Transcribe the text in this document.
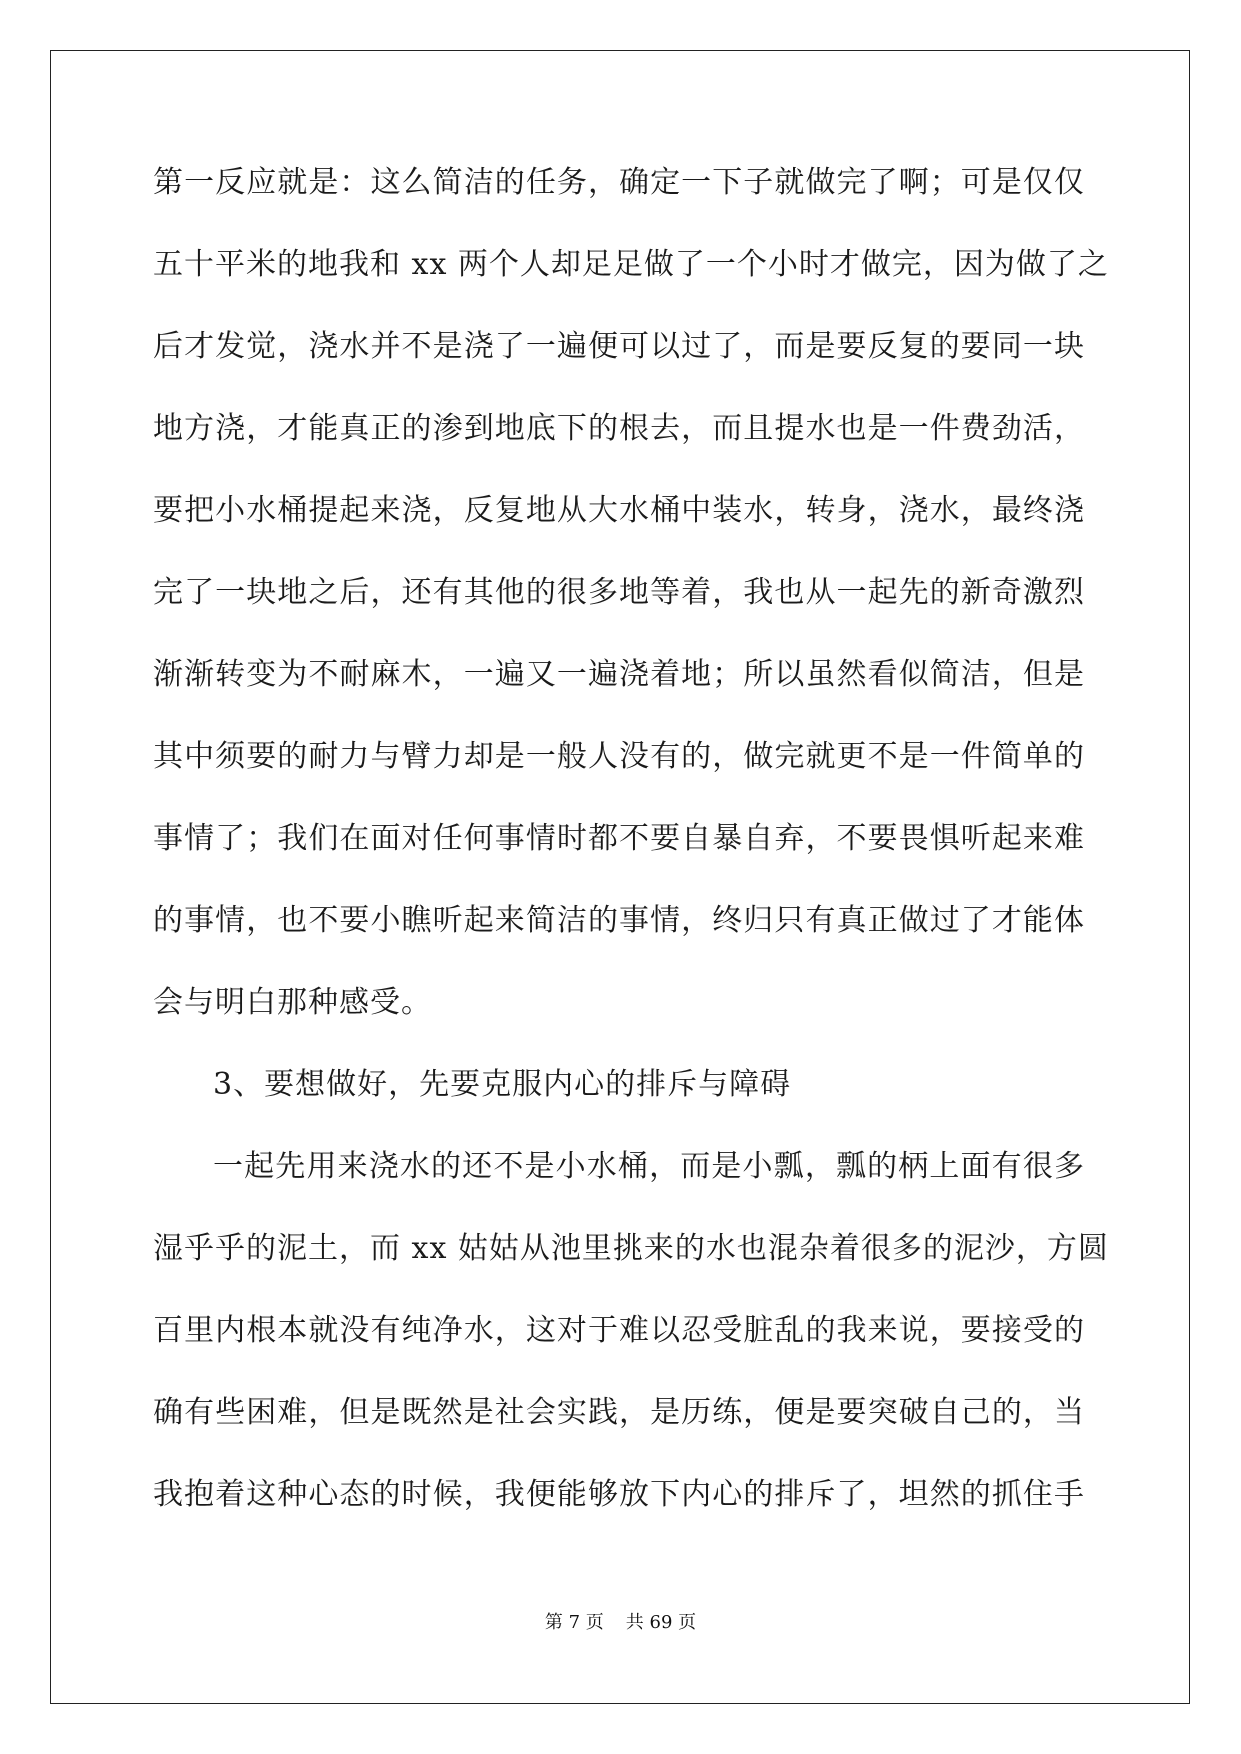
第一反应就是：这么简洁的任务，确定一下子就做完了啊；可是仅仅
五十平米的地我和 xx 两个人却足足做了一个小时才做完，因为做了之
后才发觉，浇水并不是浇了一遍便可以过了，而是要反复的要同一块
地方浇，才能真正的渗到地底下的根去，而且提水也是一件费劲活，
要把小水桶提起来浇，反复地从大水桶中装水，转身，浇水，最终浇
完了一块地之后，还有其他的很多地等着，我也从一起先的新奇激烈
渐渐转变为不耐麻木，一遍又一遍浇着地；所以虽然看似简洁，但是
其中须要的耐力与臂力却是一般人没有的，做完就更不是一件简单的
事情了；我们在面对任何事情时都不要自暴自弃，不要畏惧听起来难
的事情，也不要小瞧听起来简洁的事情，终归只有真正做过了才能体
会与明白那种感受。
3、要想做好，先要克服内心的排斥与障碍
一起先用来浇水的还不是小水桶，而是小瓢，瓢的柄上面有很多
湿乎乎的泥土，而 xx 姑姑从池里挑来的水也混杂着很多的泥沙，方圆
百里内根本就没有纯净水，这对于难以忍受脏乱的我来说，要接受的
确有些困难，但是既然是社会实践，是历练，便是要突破自己的，当
我抱着这种心态的时候，我便能够放下内心的排斥了，坦然的抓住手
第 7 页 共 69 页
